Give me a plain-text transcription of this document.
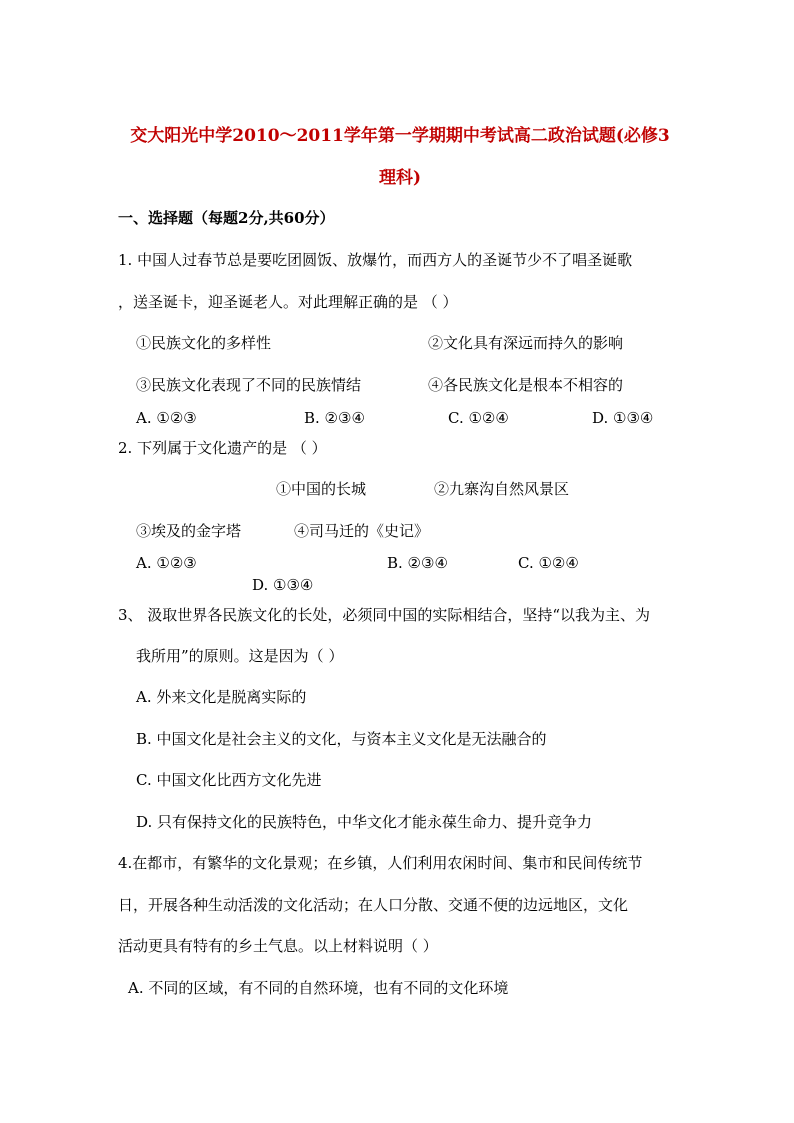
交大阳光中学2010～2011学年第一学期期中考试高二政治试题(必修3
理科)
一、选择题（每题2分,共60分）
1. 中国人过春节总是要吃团圆饭、放爆竹，而西方人的圣诞节少不了唱圣诞歌
，送圣诞卡，迎圣诞老人。对此理解正确的是 （ ）
①民族文化的多样性	②文化具有深远而持久的影响
③民族文化表现了不同的民族情结	④各民族文化是根本不相容的
A. ①②③	B. ②③④	C. ①②④	D. ①③④
2. 下列属于文化遗产的是 （ ）
①中国的长城	②九寨沟自然风景区
③埃及的金字塔	④司马迁的《史记》
A. ①②③	B. ②③④	C. ①②④
D. ①③④
3、 汲取世界各民族文化的长处，必须同中国的实际相结合，坚持“以我为主、为
我所用”的原则。这是因为（ ）
A. 外来文化是脱离实际的
B. 中国文化是社会主义的文化，与资本主义文化是无法融合的
C. 中国文化比西方文化先进
D. 只有保持文化的民族特色，中华文化才能永葆生命力、提升竞争力
4.在都市，有繁华的文化景观；在乡镇，人们利用农闲时间、集市和民间传统节
日，开展各种生动活泼的文化活动；在人口分散、交通不便的边远地区，文化
活动更具有特有的乡土气息。以上材料说明（ ）
A. 不同的区域，有不同的自然环境，也有不同的文化环境
